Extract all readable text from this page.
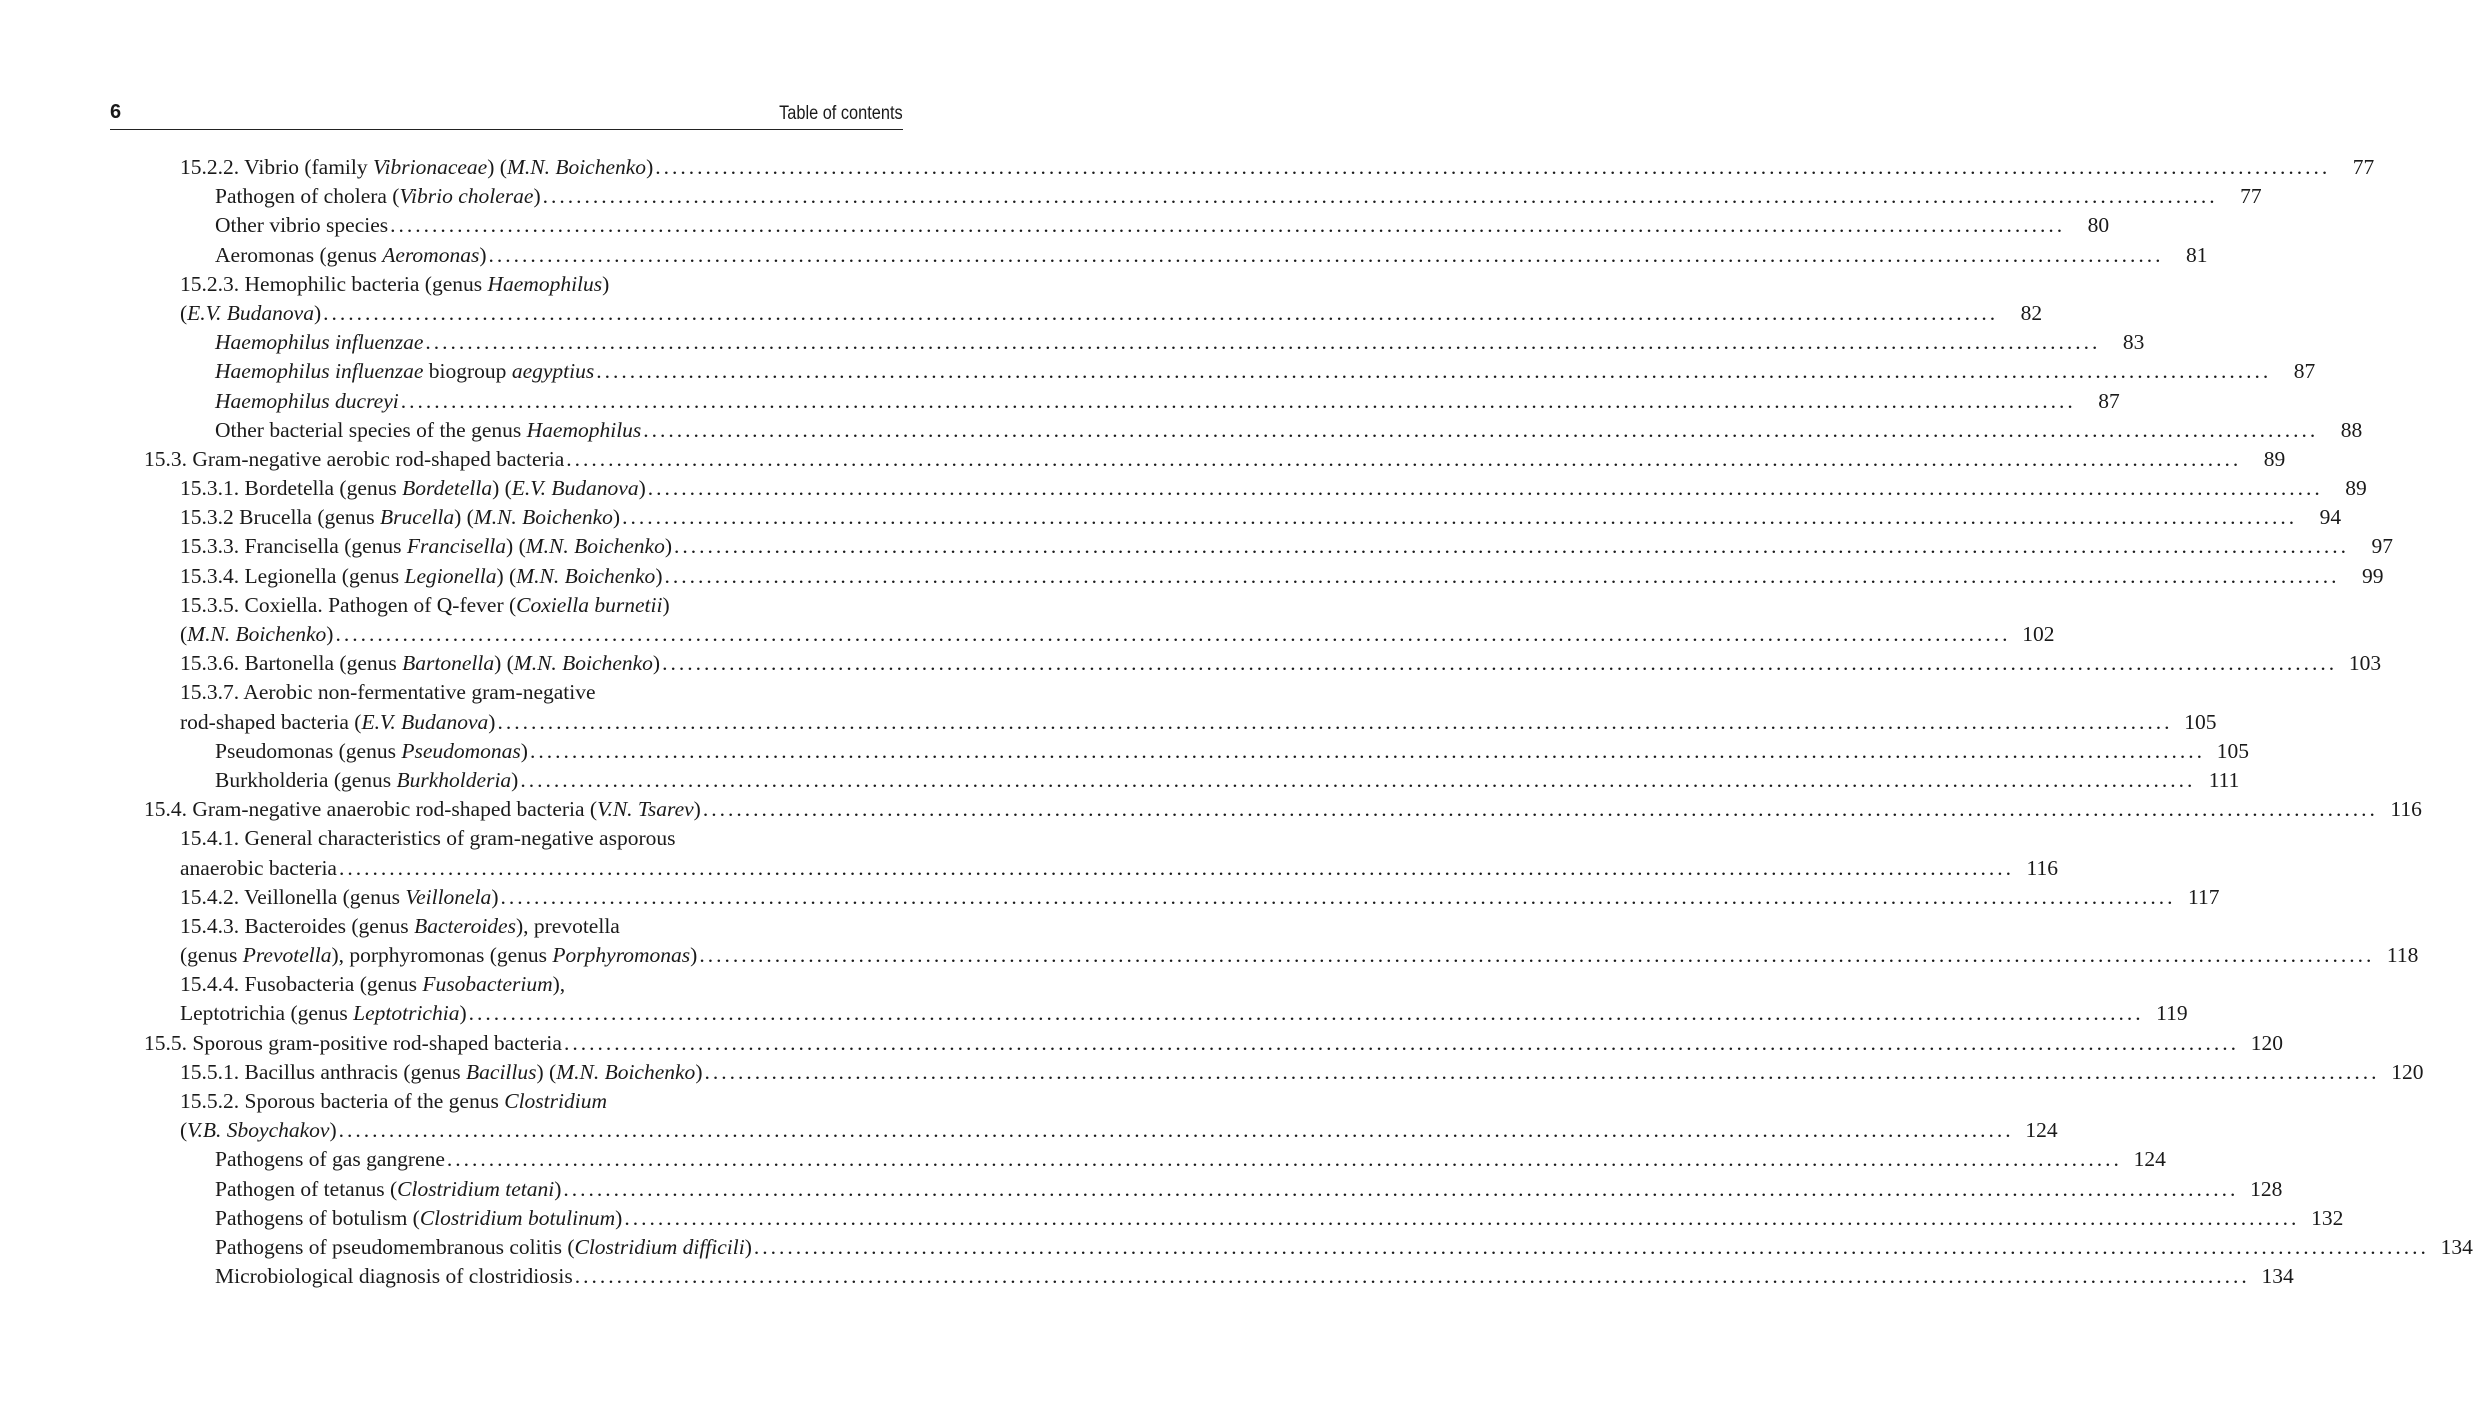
6	Table of contents
15.2.2. Vibrio (family Vibrionaceae) (M.N. Boichenko) ........................................................................................................................................................................................................	77
Pathogen of cholera (Vibrio cholerae) ........................................................................................................................................................................................................	77
Other vibrio species ........................................................................................................................................................................................................	80
Aeromonas (genus Aeromonas) ........................................................................................................................................................................................................	81
15.2.3. Hemophilic bacteria (genus Haemophilus)
(E.V. Budanova) ........................................................................................................................................................................................................	82
Haemophilus influenzae ........................................................................................................................................................................................................	83
Haemophilus influenzae biogroup aegyptius ........................................................................................................................................................................................................	87
Haemophilus ducreyi ........................................................................................................................................................................................................	87
Other bacterial species of the genus Haemophilus ........................................................................................................................................................................................................	88
15.3. Gram-negative aerobic rod-shaped bacteria ........................................................................................................................................................................................................	89
15.3.1. Bordetella (genus Bordetella) (E.V. Budanova) ........................................................................................................................................................................................................	89
15.3.2 Brucella (genus Brucella) (M.N. Boichenko) ........................................................................................................................................................................................................	94
15.3.3. Francisella (genus Francisella) (M.N. Boichenko) ........................................................................................................................................................................................................	97
15.3.4. Legionella (genus Legionella) (M.N. Boichenko) ........................................................................................................................................................................................................	99
15.3.5. Coxiella. Pathogen of Q-fever (Coxiella burnetii)
(M.N. Boichenko) ........................................................................................................................................................................................................ 102
15.3.6. Bartonella (genus Bartonella) (M.N. Boichenko) ........................................................................................................................................................................................................ 103
15.3.7. Aerobic non-fermentative gram-negative
rod-shaped bacteria (E.V. Budanova) ........................................................................................................................................................................................................ 105
Pseudomonas (genus Pseudomonas) ........................................................................................................................................................................................................ 105
Burkholderia (genus Burkholderia) ........................................................................................................................................................................................................ 111
15.4. Gram-negative anaerobic rod-shaped bacteria (V.N. Tsarev) ........................................................................................................................................................................................................ 116
15.4.1. General characteristics of gram-negative asporous
anaerobic bacteria ........................................................................................................................................................................................................ 116
15.4.2. Veillonella (genus Veillonela) ........................................................................................................................................................................................................ 117
15.4.3. Bacteroides (genus Bacteroides), prevotella
(genus Prevotella), porphyromonas (genus Porphyromonas) ........................................................................................................................................................................................................ 118
15.4.4. Fusobacteria (genus Fusobacterium),
Leptotrichia (genus Leptotrichia) ........................................................................................................................................................................................................ 119
15.5. Sporous gram-positive rod-shaped bacteria ........................................................................................................................................................................................................ 120
15.5.1. Bacillus anthracis (genus Bacillus) (M.N. Boichenko) ........................................................................................................................................................................................................ 120
15.5.2. Sporous bacteria of the genus Clostridium
(V.B. Sboychakov) ........................................................................................................................................................................................................ 124
Pathogens of gas gangrene ........................................................................................................................................................................................................ 124
Pathogen of tetanus (Clostridium tetani) ........................................................................................................................................................................................................ 128
Pathogens of botulism (Clostridium botulinum) ........................................................................................................................................................................................................ 132
Pathogens of pseudomembranous colitis (Clostridium difficili) ........................................................................................................................................................................................................ 134
Microbiological diagnosis of clostridiosis ........................................................................................................................................................................................................ 134
